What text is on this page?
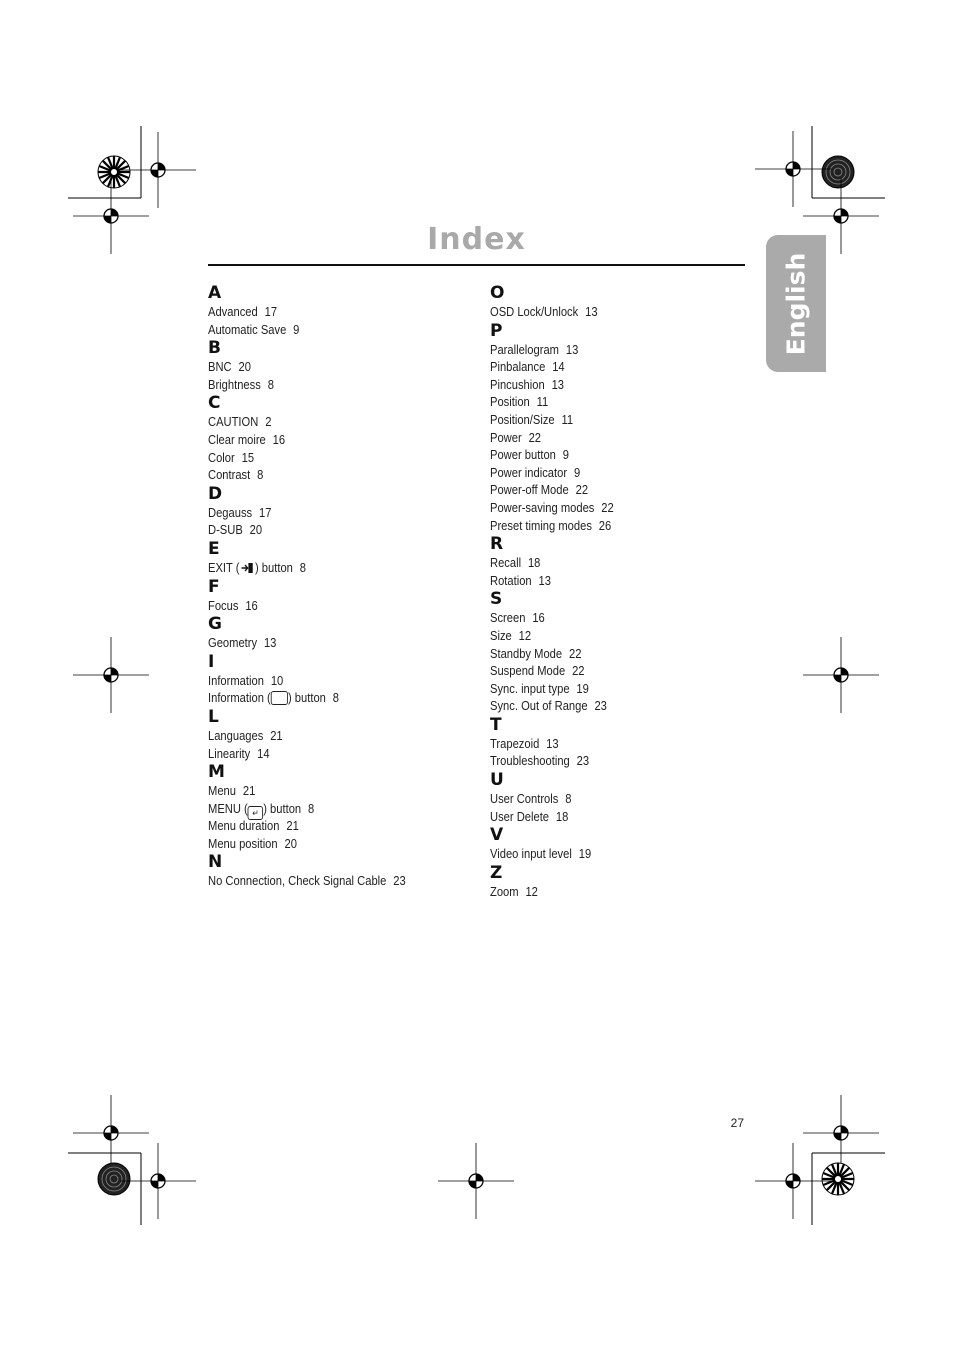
Index
English
A
Advanced 17
Automatic Save 9
B
BNC 20
Brightness 8
C
CAUTION 2
Clear moire 16
Color 15
Contrast 8
D
Degauss 17
D-SUB 20
E
EXIT ( ) button 8
F
Focus 16
G
Geometry 13
I
Information 10
Information ( ) button 8
L
Languages 21
Linearity 14
M
Menu 21
MENU ( ↵ ) button 8
Menu duration 21
Menu position 20
N
No Connection, Check Signal Cable 23
O
OSD Lock/Unlock 13
P
Parallelogram 13
Pinbalance 14
Pincushion 13
Position 11
Position/Size 11
Power 22
Power button 9
Power indicator 9
Power-off Mode 22
Power-saving modes 22
Preset timing modes 26
R
Recall 18
Rotation 13
S
Screen 16
Size 12
Standby Mode 22
Suspend Mode 22
Sync. input type 19
Sync. Out of Range 23
T
Trapezoid 13
Troubleshooting 23
U
User Controls 8
User Delete 18
V
Video input level 19
Z
Zoom 12
27
